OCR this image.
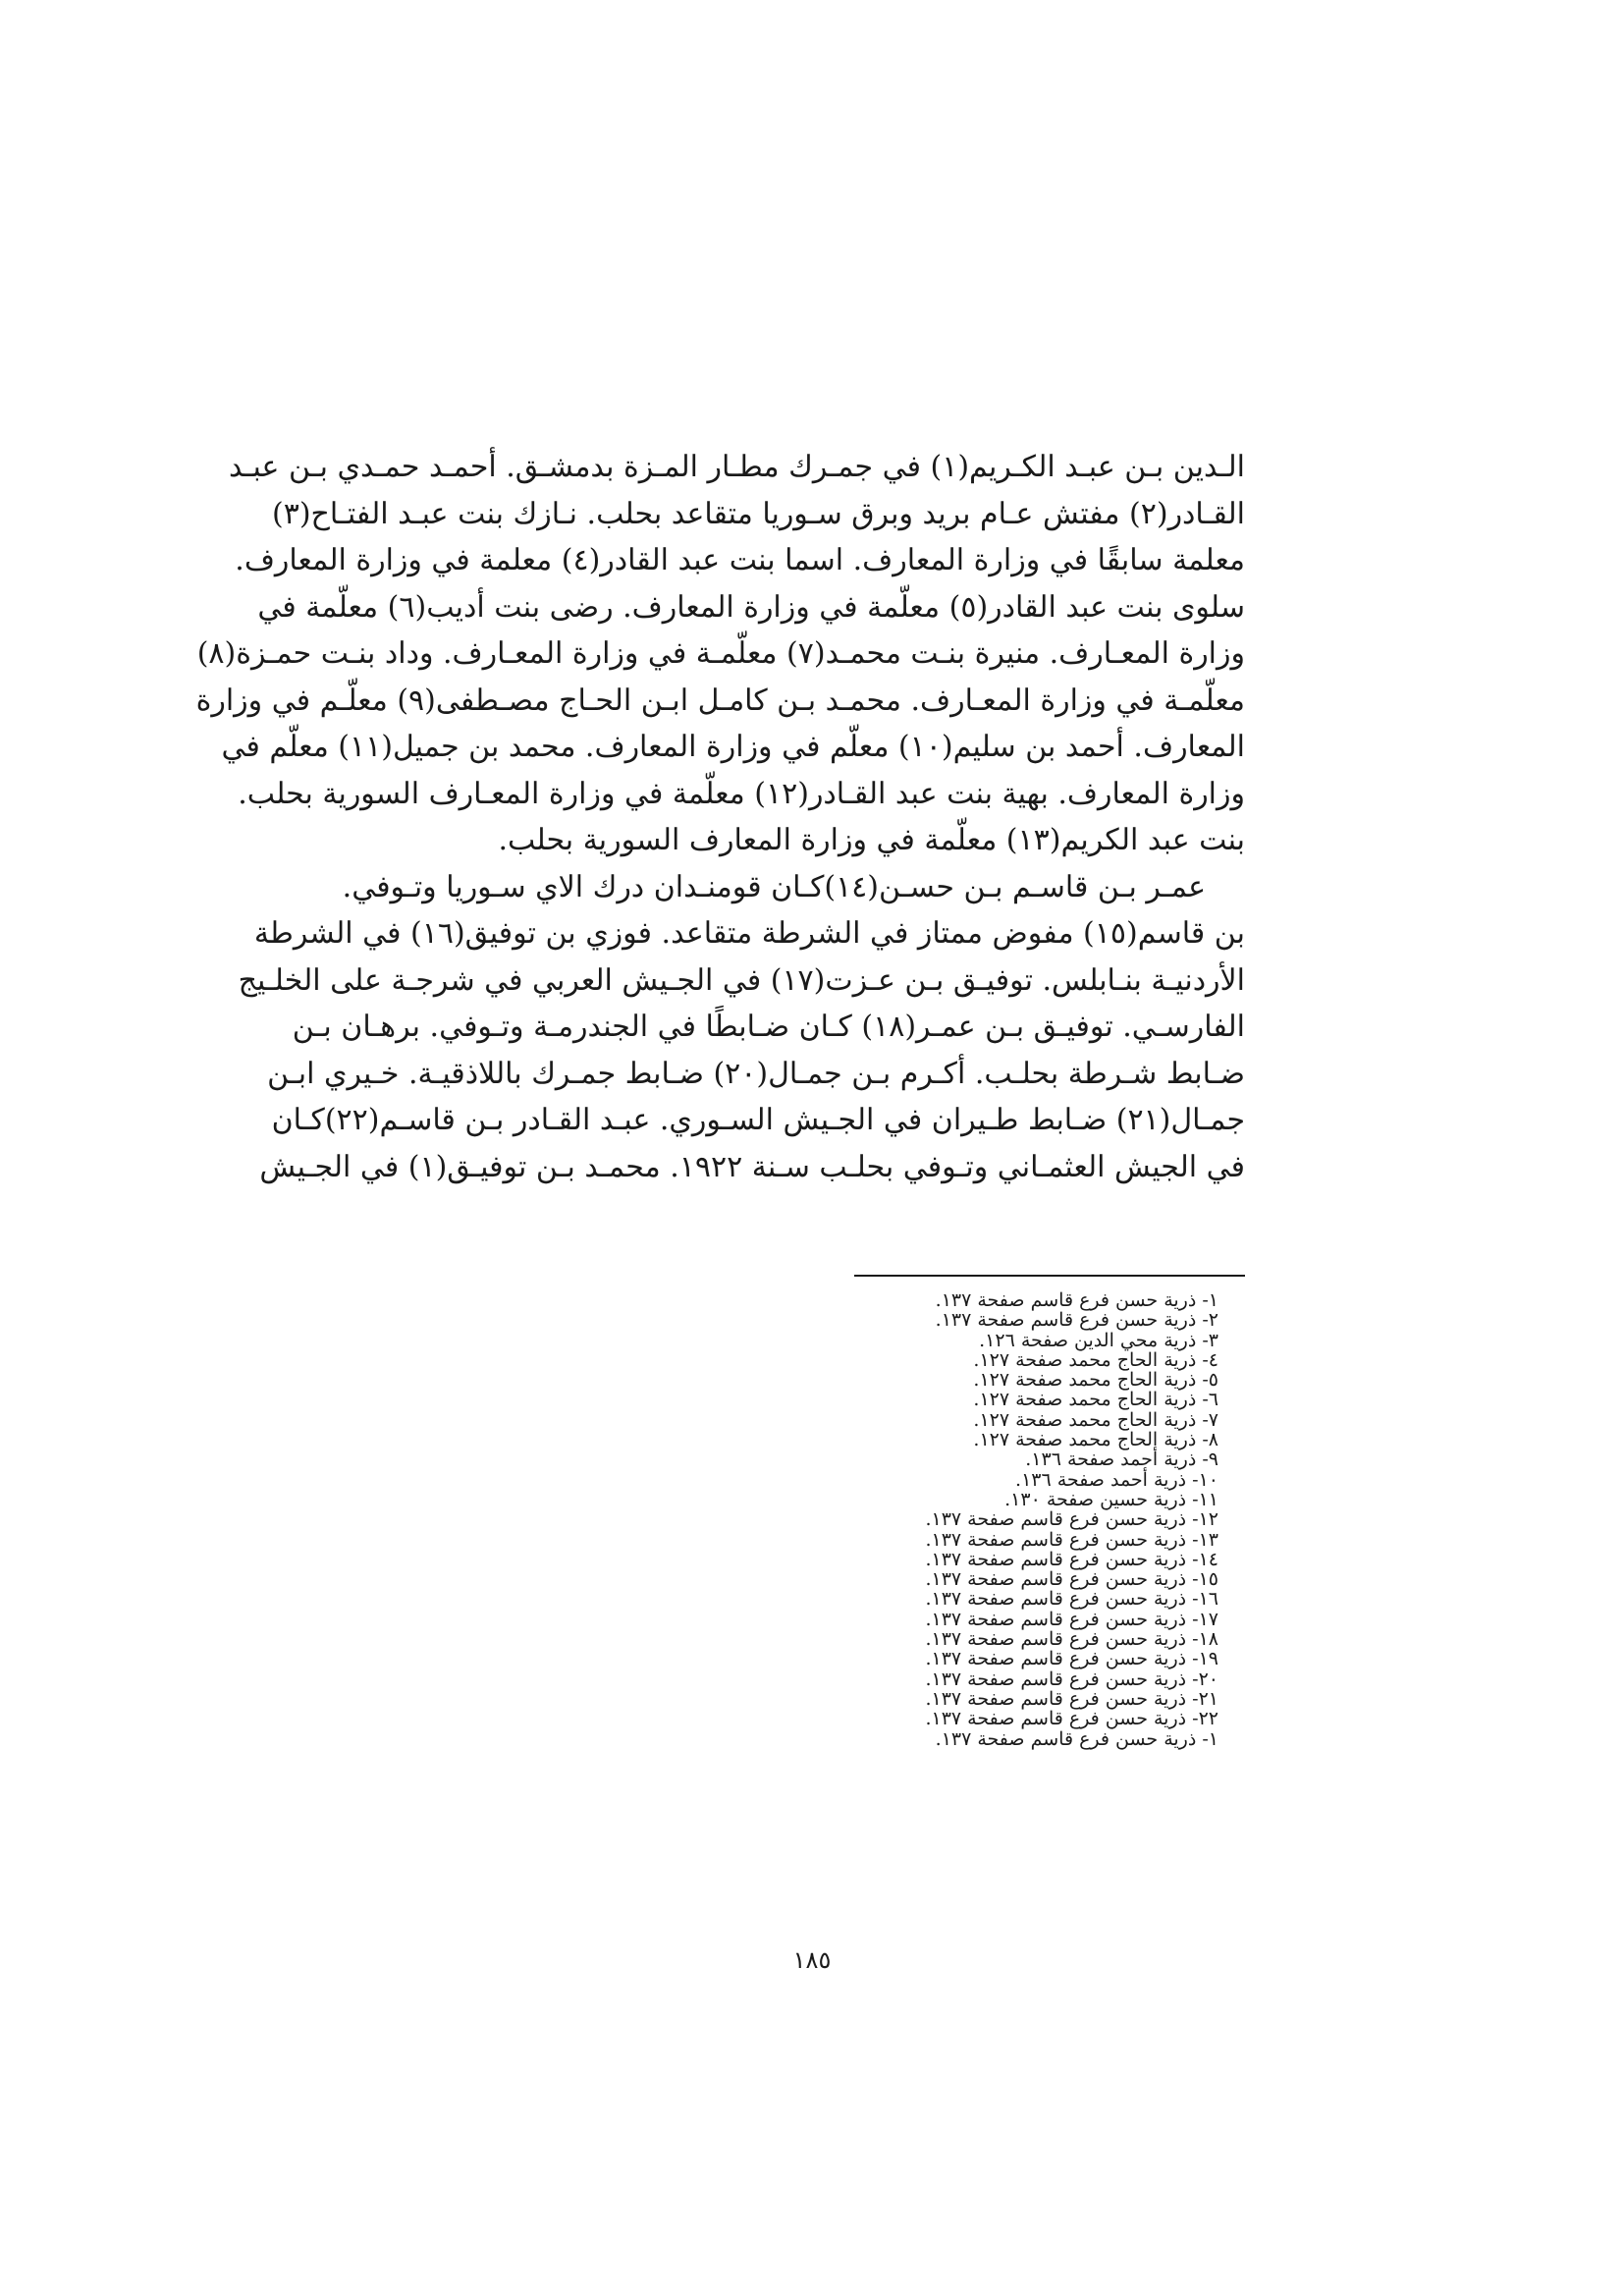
الـدين بـن عبـد الكـريم(١) في جمـرك مطـار المـزة بدمشـق. أحمـد حمـدي بـن عبـد
القـادر(٢) مفتش عـام بريد وبرق سـوريا متقاعد بحلب. نـازك بنت عبـد الفتـاح(٣)
معلمة سابقًا في وزارة المعارف. اسما بنت عبد القادر(٤) معلمة في وزارة المعارف.
سلوى بنت عبد القادر(٥) معلّمة في وزارة المعارف. رضى بنت أديب(٦) معلّمة في
وزارة المعـارف. منيرة بنـت محمـد(٧) معلّمـة في وزارة المعـارف. وداد بنـت حمـزة(٨)
معلّمـة في وزارة المعـارف. محمـد بـن كامـل ابـن الحـاج مصـطفى(٩) معلّـم في وزارة
المعارف. أحمد بن سليم(١٠) معلّم في وزارة المعارف. محمد بن جميل(١١) معلّم في
وزارة المعارف. بهية بنت عبد القـادر(١٢) معلّمة في وزارة المعـارف السورية بحلب.
بنت عبد الكريم(١٣) معلّمة في وزارة المعارف السورية بحلب.

عمـر بـن قاسـم بـن حسـن(١٤)كـان قومنـدان درك الاي سـوريا وتـوفي.
بن قاسم(١٥) مفوض ممتاز في الشرطة متقاعد. فوزي بن توفيق(١٦) في الشرطة
الأردنيـة بنـابلس. توفيـق بـن عـزت(١٧) في الجـيش العربي في شرجـة على الخلـيج
الفارسـي. توفيـق بـن عمـر(١٨) كـان ضـابطًا في الجندرمـة وتـوفي. برهـان بـن
ضـابط شـرطة بحلـب. أكـرم بـن جمـال(٢٠) ضـابط جمـرك باللاذقيـة. خـيري ابـن
جمـال(٢١) ضـابط طـيران في الجـيش السـوري. عبـد القـادر بـن قاسـم(٢٢)كـان
في الجيش العثمـاني وتـوفي بحلـب سـنة ١٩٢٢. محمـد بـن توفيـق(١) في الجـيش

١- ذرية حسن فرع قاسم صفحة ١٣٧.
٢- ذرية حسن فرع قاسم صفحة ١٣٧.
٣- ذرية محي الدين صفحة ١٢٦.
٤- ذرية الحاج محمد صفحة ١٢٧.
٥- ذرية الحاج محمد صفحة ١٢٧.
٦- ذرية الحاج محمد صفحة ١٢٧.
٧- ذرية الحاج محمد صفحة ١٢٧.
٨- ذرية الحاج محمد صفحة ١٢٧.
٩- ذرية أحمد صفحة ١٣٦.
١٠- ذرية أحمد صفحة ١٣٦.
١١- ذرية حسين صفحة ١٣٠.
١٢- ذرية حسن فرع قاسم صفحة ١٣٧.
١٣- ذرية حسن فرع قاسم صفحة ١٣٧.
١٤- ذرية حسن فرع قاسم صفحة ١٣٧.
١٥- ذرية حسن فرع قاسم صفحة ١٣٧.
١٦- ذرية حسن فرع قاسم صفحة ١٣٧.
١٧- ذرية حسن فرع قاسم صفحة ١٣٧.
١٨- ذرية حسن فرع قاسم صفحة ١٣٧.
١٩- ذرية حسن فرع قاسم صفحة ١٣٧.
٢٠- ذرية حسن فرع قاسم صفحة ١٣٧.
٢١- ذرية حسن فرع قاسم صفحة ١٣٧.
٢٢- ذرية حسن فرع قاسم صفحة ١٣٧.
١- ذرية حسن فرع قاسم صفحة ١٣٧.
١٨٥
